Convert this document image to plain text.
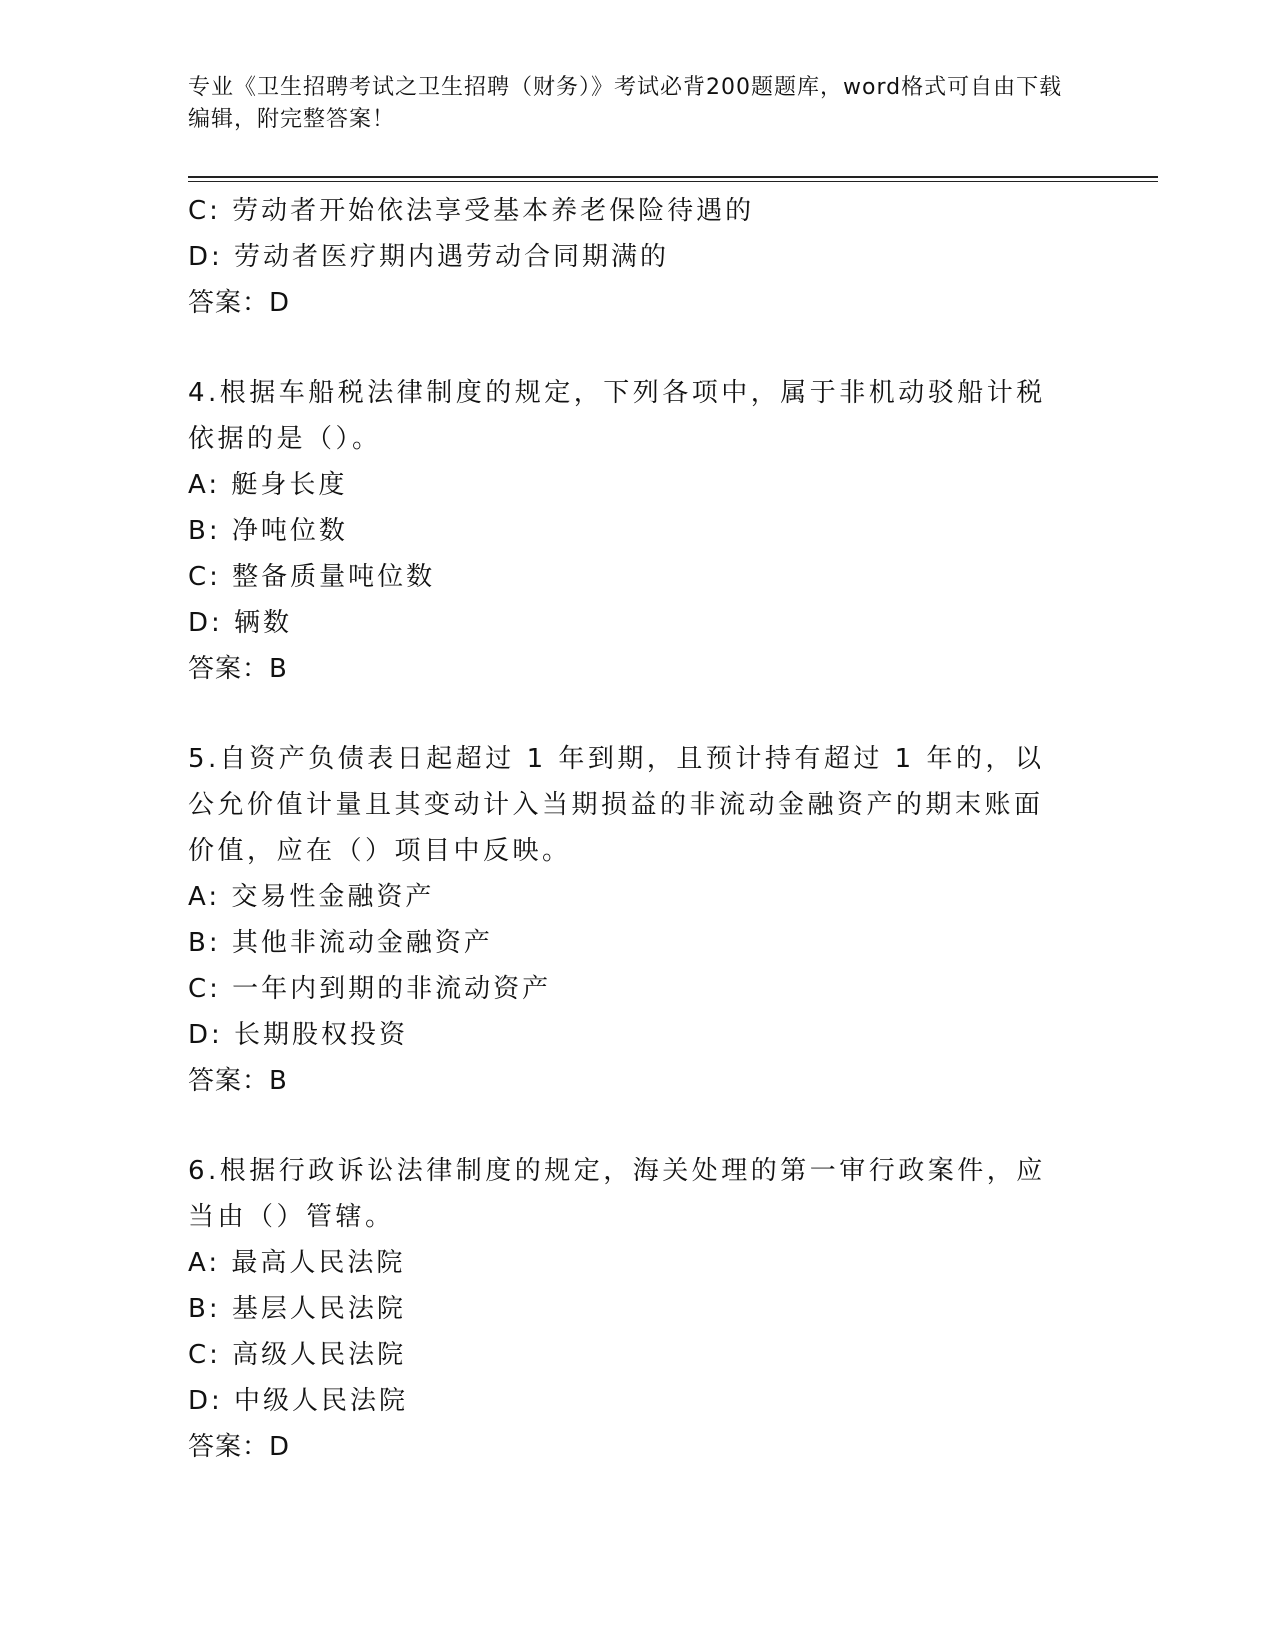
专业《卫生招聘考试之卫生招聘（财务）》考试必背200题题库，word格式可自由下载编辑，附完整答案！

C: 劳动者开始依法享受基本养老保险待遇的

D: 劳动者医疗期内遇劳动合同期满的

答案：D

4.根据车船税法律制度的规定，下列各项中，属于非机动驳船计税依据的是（）。

A: 艇身长度

B: 净吨位数

C: 整备质量吨位数

D: 辆数

答案：B

5.自资产负债表日起超过 1 年到期，且预计持有超过 1 年的，以公允价值计量且其变动计入当期损益的非流动金融资产的期末账面价值，应在（）项目中反映。

A: 交易性金融资产

B: 其他非流动金融资产

C: 一年内到期的非流动资产

D: 长期股权投资

答案：B

6.根据行政诉讼法律制度的规定，海关处理的第一审行政案件，应当由（）管辖。

A: 最高人民法院

B: 基层人民法院

C: 高级人民法院

D: 中级人民法院

答案：D
